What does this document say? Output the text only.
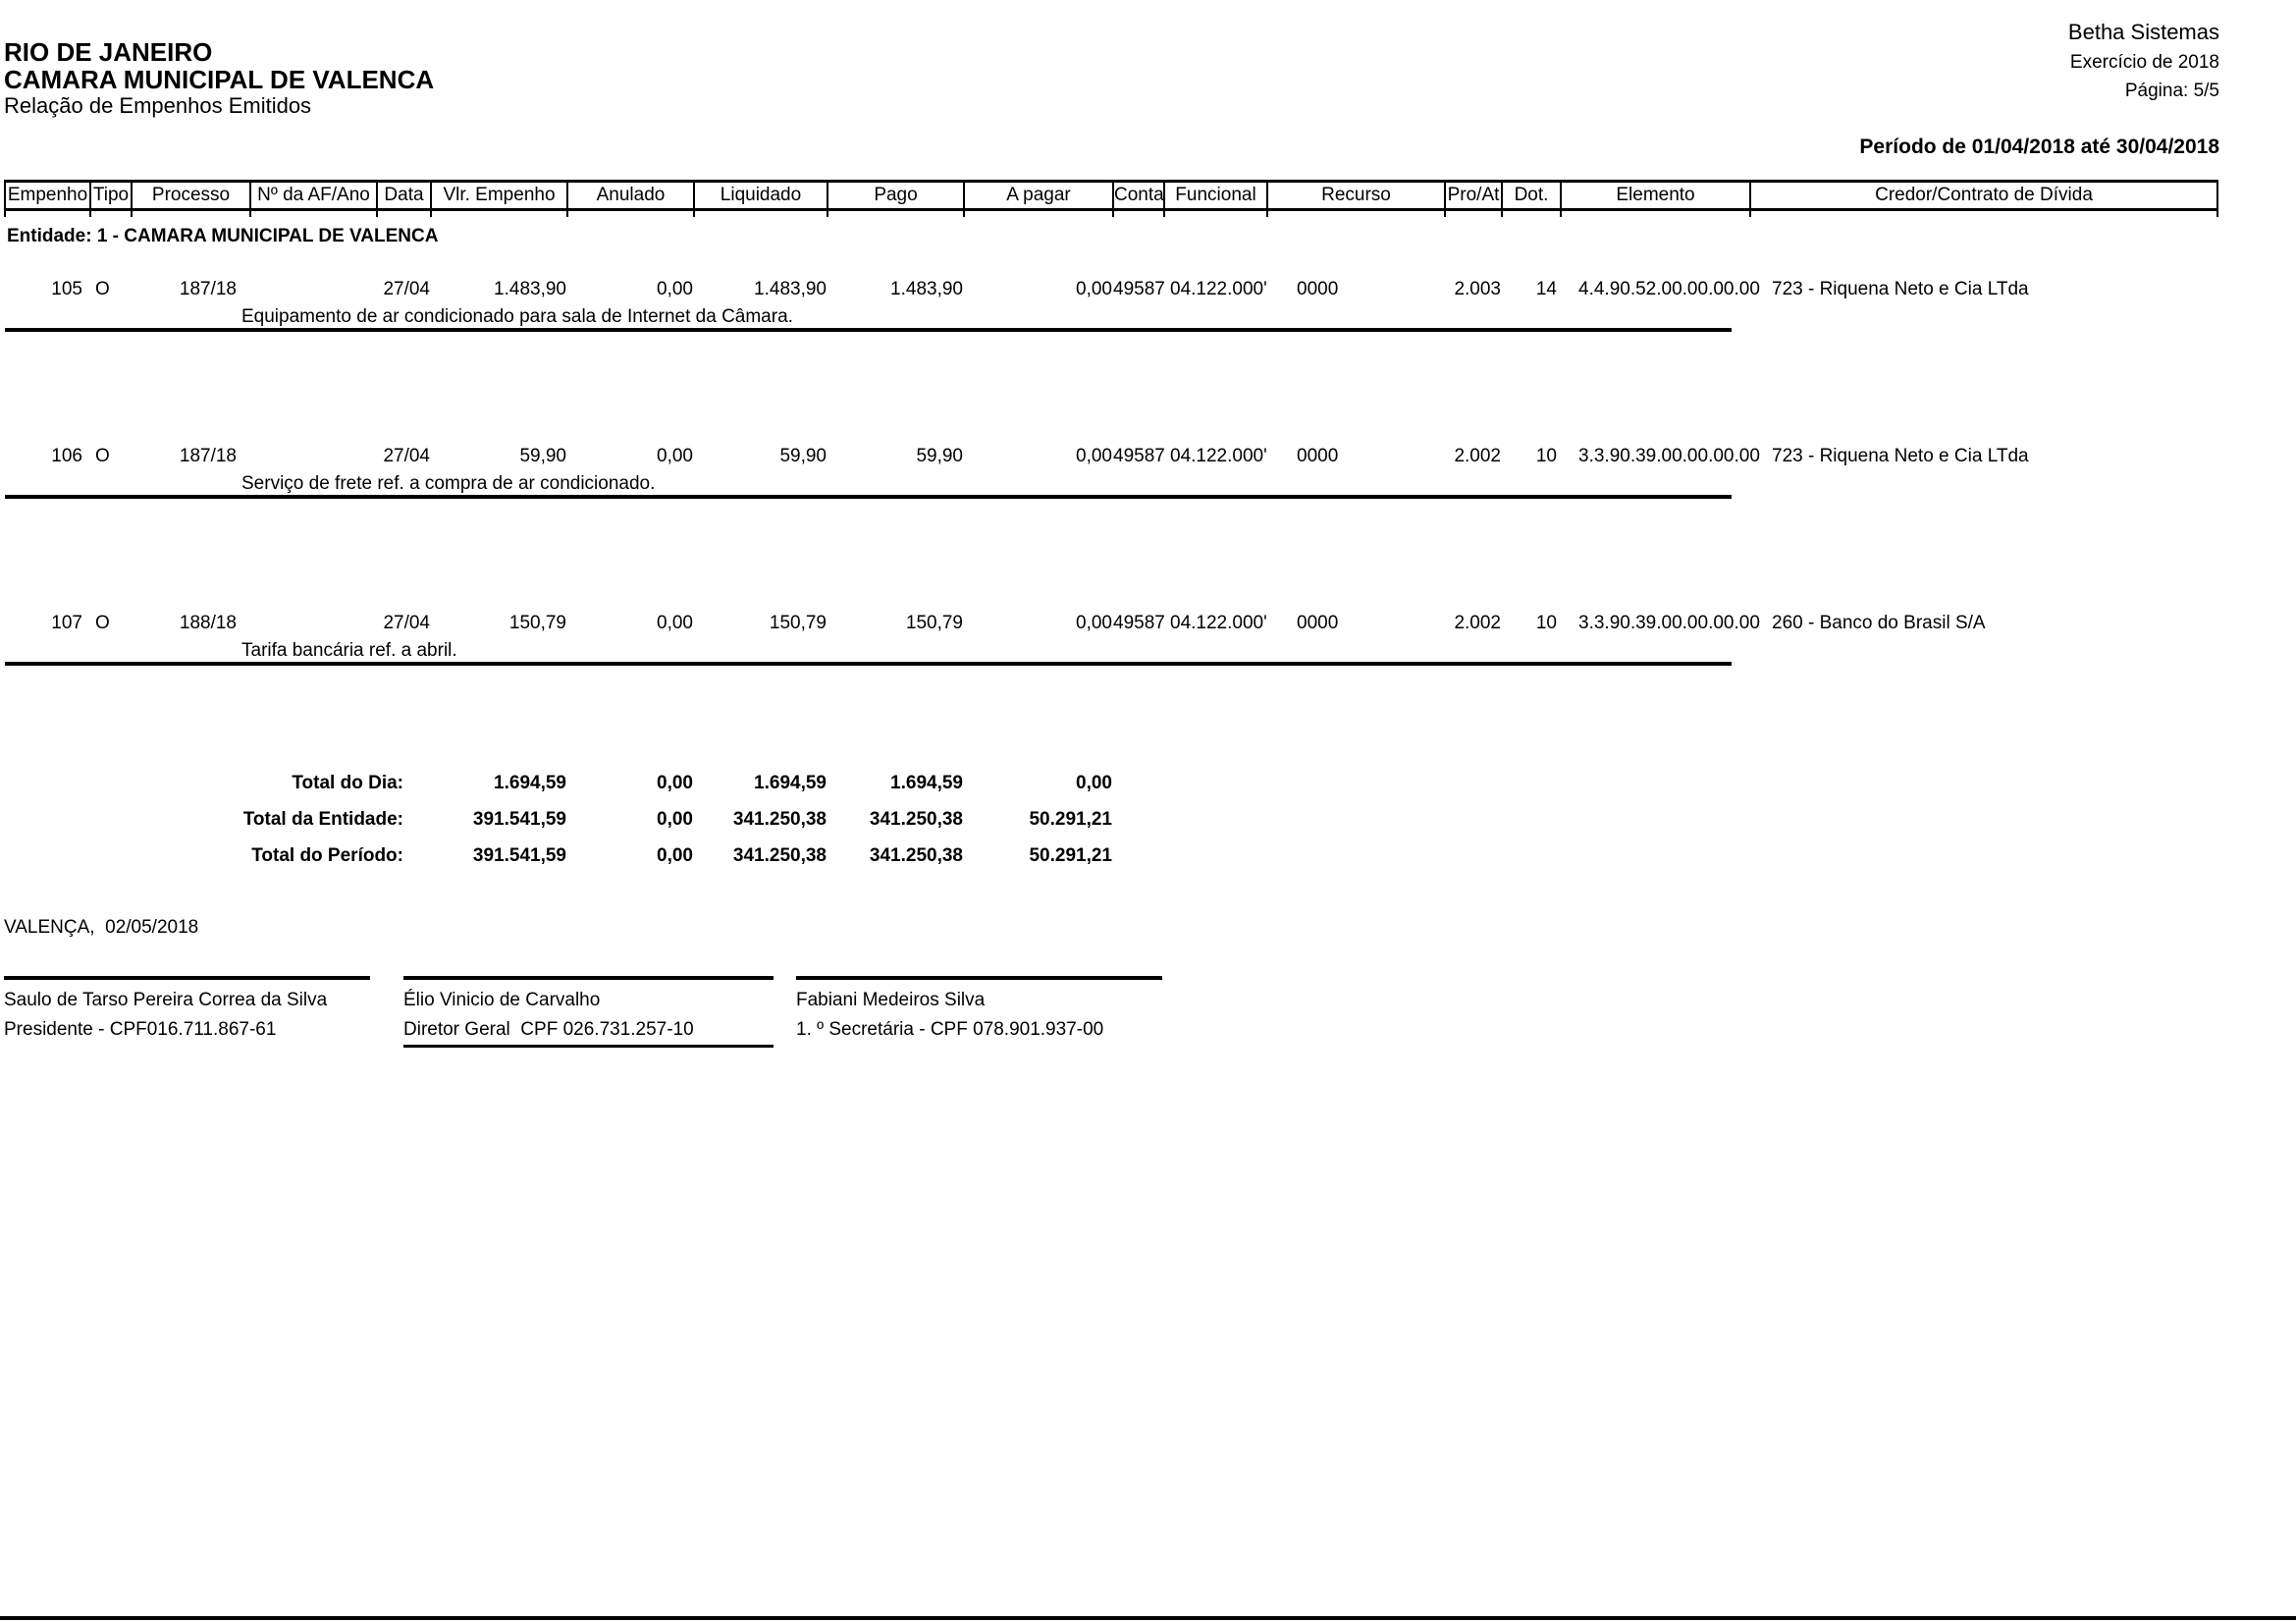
Betha Sistemas
Exercício de 2018
Página: 5/5
Período de 01/04/2018 até 30/04/2018
RIO DE JANEIRO
CAMARA MUNICIPAL DE VALENCA
Relação de Empenhos Emitidos
Empenho	Tipo	Processo	Nº da AF/Ano	Data	Vlr. Empenho	Anulado	Liquidado	Pago	A pagar	Conta	Funcional	Recurso	Pro/At	Dot.	Elemento	Credor/Contrato de Dívida

Entidade: 1 - CAMARA MUNICIPAL DE VALENCA																
105	O	187/18		27/04	1.483,90	0,00	1.483,90	1.483,90	0,00	49587	04.122.000'	0000	2.003	14	4.4.90.52.00.00.00.00	723 - Riquena Neto e Cia LTda
Equipamento de ar condicionado para sala de Internet da Câmara.																

106	O	187/18		27/04	59,90	0,00	59,90	59,90	0,00	49587	04.122.000'	0000	2.002	10	3.3.90.39.00.00.00.00	723 - Riquena Neto e Cia LTda
Serviço de frete ref. a compra de ar condicionado.																

107	O	188/18		27/04	150,79	0,00	150,79	150,79	0,00	49587	04.122.000'	0000	2.002	10	3.3.90.39.00.00.00.00	260 - Banco do Brasil S/A
Tarifa bancária ref. a abril.																

Total do Dia:					1.694,59	0,00	1.694,59	1.694,59	0,00							
Total da Entidade:					391.541,59	0,00	341.250,38	341.250,38	50.291,21							
Total do Período:					391.541,59	0,00	341.250,38	341.250,38	50.291,21							
VALENÇA,  02/05/2018
Saulo de Tarso Pereira Correa da Silva
Presidente - CPF016.711.867-61
Élio Vinicio de Carvalho
Diretor Geral  CPF 026.731.257-10
Fabiani Medeiros Silva
1. º Secretária - CPF 078.901.937-00
